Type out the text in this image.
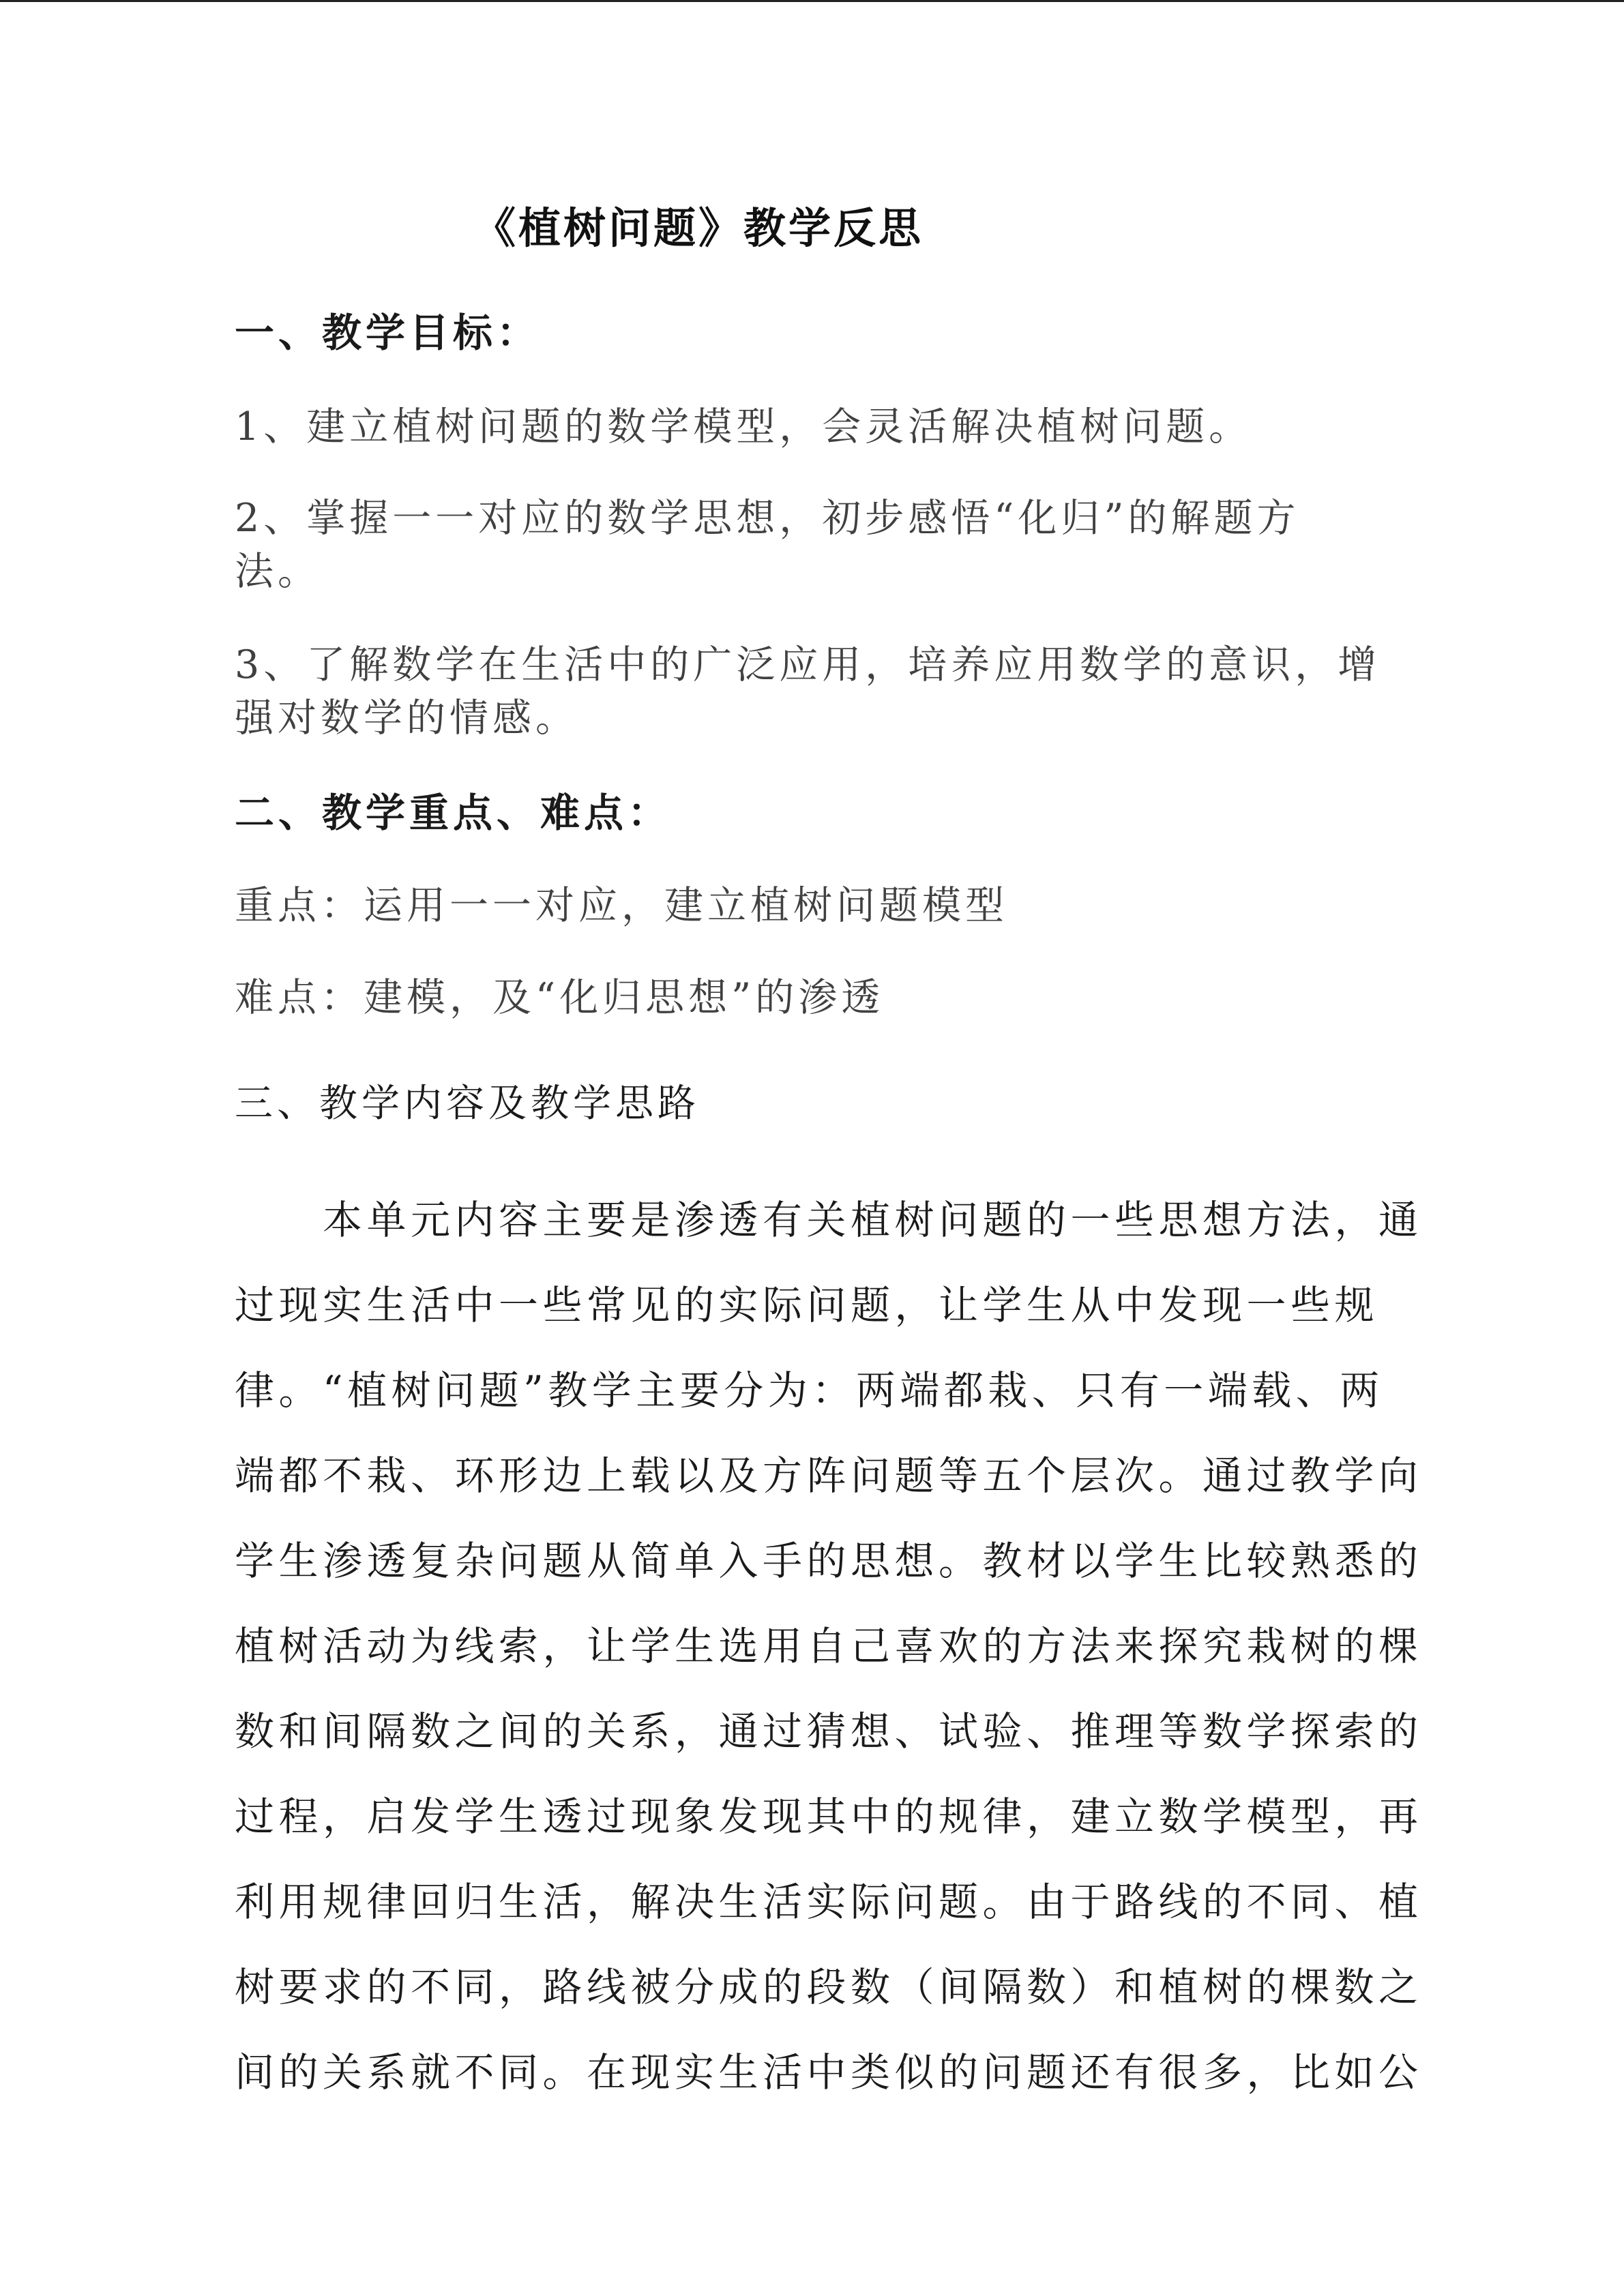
《植树问题》教学反思
一、教学目标：
1、建立植树问题的数学模型，会灵活解决植树问题。
2、掌握一一对应的数学思想，初步感悟“化归”的解题方
法。
3、了解数学在生活中的广泛应用，培养应用数学的意识，增
强对数学的情感。
二、教学重点、难点：
重点：运用一一对应，建立植树问题模型
难点：建模，及“化归思想”的渗透
三、教学内容及教学思路
　　本单元内容主要是渗透有关植树问题的一些思想方法，通
过现实生活中一些常见的实际问题，让学生从中发现一些规
律。“植树问题”教学主要分为：两端都栽、只有一端载、两
端都不栽、环形边上载以及方阵问题等五个层次。通过教学向
学生渗透复杂问题从简单入手的思想。教材以学生比较熟悉的
植树活动为线索，让学生选用自己喜欢的方法来探究栽树的棵
数和间隔数之间的关系，通过猜想、试验、推理等数学探索的
过程，启发学生透过现象发现其中的规律，建立数学模型，再
利用规律回归生活，解决生活实际问题。由于路线的不同、植
树要求的不同，路线被分成的段数（间隔数）和植树的棵数之
间的关系就不同。在现实生活中类似的问题还有很多，比如公
